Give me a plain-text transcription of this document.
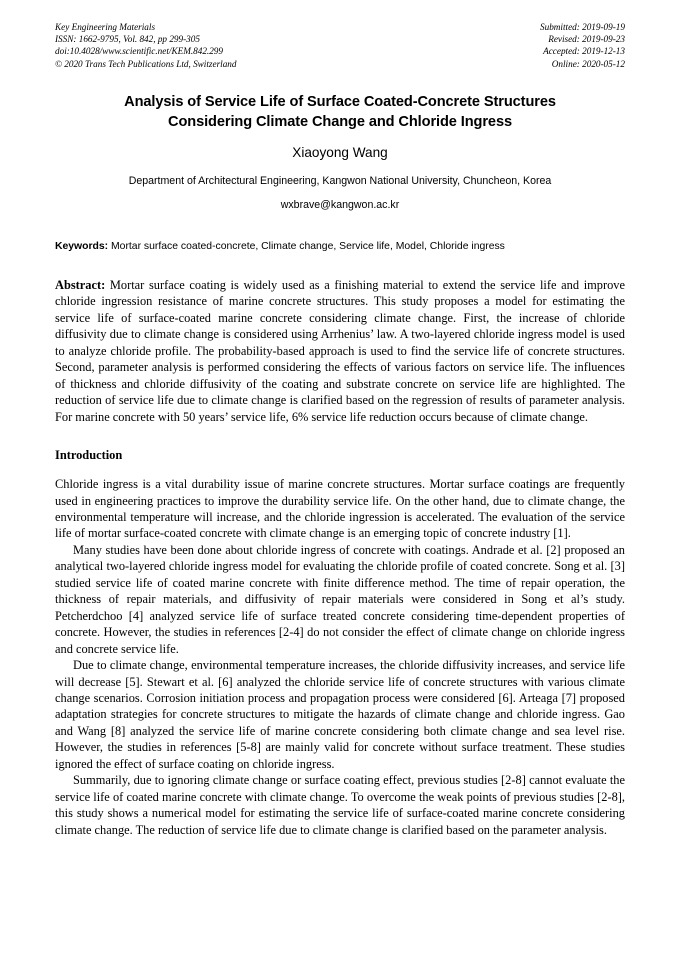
Key Engineering Materials
ISSN: 1662-9795, Vol. 842, pp 299-305
doi:10.4028/www.scientific.net/KEM.842.299
© 2020 Trans Tech Publications Ltd, Switzerland
Submitted: 2019-09-19
Revised: 2019-09-23
Accepted: 2019-12-13
Online: 2020-05-12
Analysis of Service Life of Surface Coated-Concrete Structures
Considering Climate Change and Chloride Ingress
Xiaoyong Wang
Department of Architectural Engineering, Kangwon National University, Chuncheon, Korea
wxbrave@kangwon.ac.kr
Keywords: Mortar surface coated-concrete, Climate change, Service life, Model, Chloride ingress
Abstract: Mortar surface coating is widely used as a finishing material to extend the service life and improve chloride ingression resistance of marine concrete structures. This study proposes a model for estimating the service life of surface-coated marine concrete considering climate change. First, the increase of chloride diffusivity due to climate change is considered using Arrhenius’ law. A two-layered chloride ingress model is used to analyze chloride profile. The probability-based approach is used to find the service life of concrete structures. Second, parameter analysis is performed considering the effects of various factors on service life. The influences of thickness and chloride diffusivity of the coating and substrate concrete on service life are highlighted. The reduction of service life due to climate change is clarified based on the regression of results of parameter analysis. For marine concrete with 50 years’ service life, 6% service life reduction occurs because of climate change.
Introduction

Chloride ingress is a vital durability issue of marine concrete structures. Mortar surface coatings are frequently used in engineering practices to improve the durability service life. On the other hand, due to climate change, the environmental temperature will increase, and the chloride ingression is accelerated. The evaluation of the service life of mortar surface-coated concrete with climate change is an emerging topic of concrete industry [1].

Many studies have been done about chloride ingress of concrete with coatings. Andrade et al. [2] proposed an analytical two-layered chloride ingress model for evaluating the chloride profile of coated concrete. Song et al. [3] studied service life of coated marine concrete with finite difference method. The time of repair operation, the thickness of repair materials, and diffusivity of repair materials were considered in Song et al’s study. Petcherdchoo [4] analyzed service life of surface treated concrete considering time-dependent properties of concrete. However, the studies in references [2-4] do not consider the effect of climate change on chloride ingress and concrete service life.

Due to climate change, environmental temperature increases, the chloride diffusivity increases, and service life will decrease [5]. Stewart et al. [6] analyzed the chloride service life of concrete structures with various climate change scenarios. Corrosion initiation process and propagation process were considered [6]. Arteaga [7] proposed adaptation strategies for concrete structures to mitigate the hazards of climate change and chloride ingress. Gao and Wang [8] analyzed the service life of marine concrete considering both climate change and sea level rise. However, the studies in references [5-8] are mainly valid for concrete without surface treatment. These studies ignored the effect of surface coating on chloride ingress.

Summarily, due to ignoring climate change or surface coating effect, previous studies [2-8] cannot evaluate the service life of coated marine concrete with climate change. To overcome the weak points of previous studies [2-8], this study shows a numerical model for estimating the service life of surface-coated marine concrete considering climate change. The reduction of service life due to climate change is clarified based on the parameter analysis.
